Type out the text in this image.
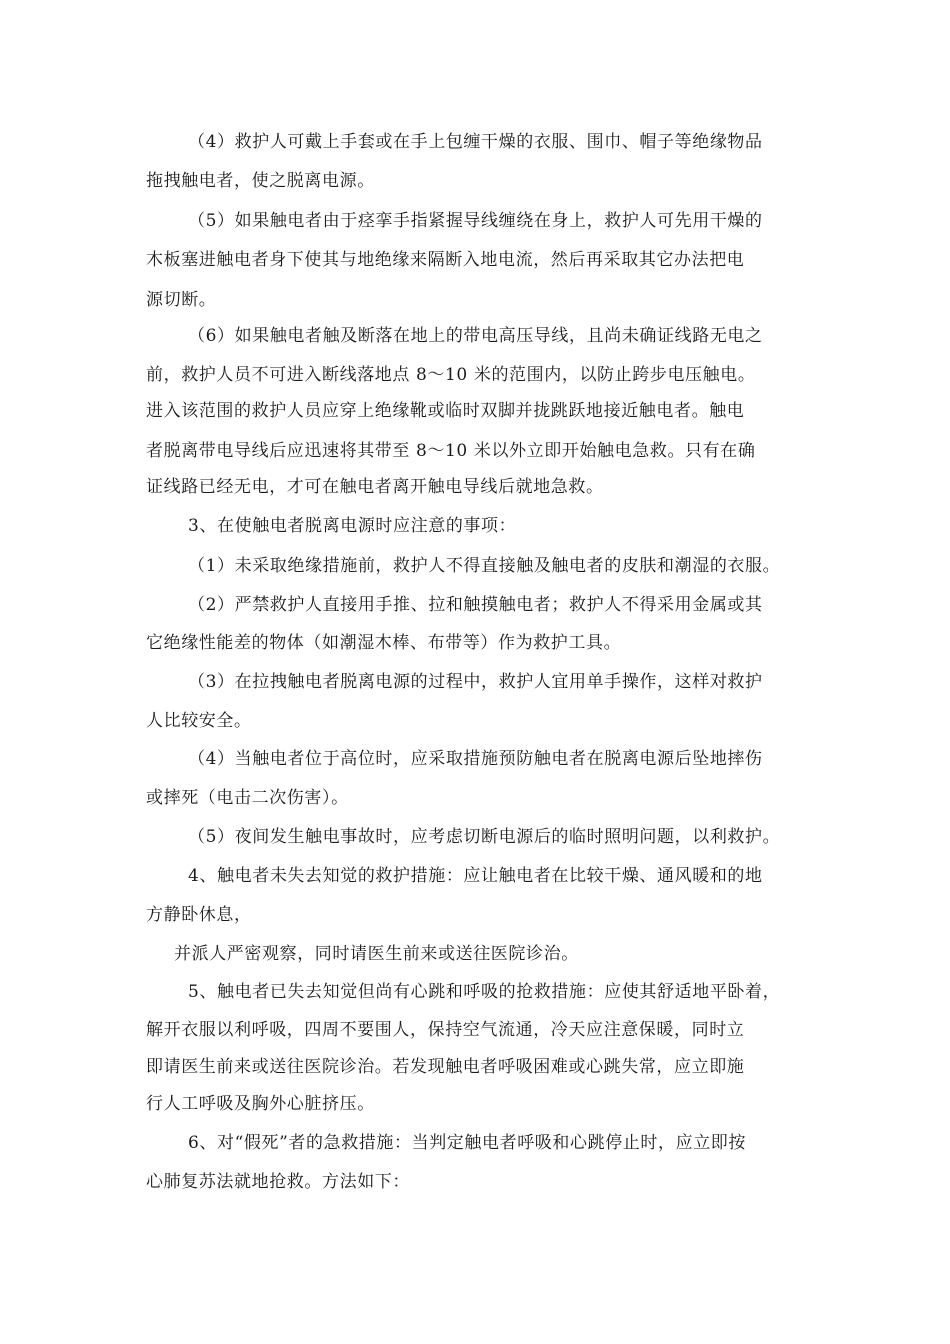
（4）救护人可戴上手套或在手上包缠干燥的衣服、围巾、帽子等绝缘物品
拖拽触电者，使之脱离电源。
（5）如果触电者由于痉挛手指紧握导线缠绕在身上，救护人可先用干燥的
木板塞进触电者身下使其与地绝缘来隔断入地电流，然后再采取其它办法把电
源切断。
（6）如果触电者触及断落在地上的带电高压导线，且尚未确证线路无电之
前，救护人员不可进入断线落地点 8～10 米的范围内，以防止跨步电压触电。
进入该范围的救护人员应穿上绝缘靴或临时双脚并拢跳跃地接近触电者。触电
者脱离带电导线后应迅速将其带至 8～10 米以外立即开始触电急救。只有在确
证线路已经无电，才可在触电者离开触电导线后就地急救。
3、在使触电者脱离电源时应注意的事项：
（1）未采取绝缘措施前，救护人不得直接触及触电者的皮肤和潮湿的衣服。
（2）严禁救护人直接用手推、拉和触摸触电者；救护人不得采用金属或其
它绝缘性能差的物体（如潮湿木棒、布带等）作为救护工具。
（3）在拉拽触电者脱离电源的过程中，救护人宜用单手操作，这样对救护
人比较安全。
（4）当触电者位于高位时，应采取措施预防触电者在脱离电源后坠地摔伤
或摔死（电击二次伤害）。
（5）夜间发生触电事故时，应考虑切断电源后的临时照明问题，以利救护。
4、触电者未失去知觉的救护措施：应让触电者在比较干燥、通风暖和的地
方静卧休息，
并派人严密观察，同时请医生前来或送往医院诊治。
5、触电者已失去知觉但尚有心跳和呼吸的抢救措施：应使其舒适地平卧着，
解开衣服以利呼吸，四周不要围人，保持空气流通，冷天应注意保暖，同时立
即请医生前来或送往医院诊治。若发现触电者呼吸困难或心跳失常，应立即施
行人工呼吸及胸外心脏挤压。
6、对“假死”者的急救措施：当判定触电者呼吸和心跳停止时，应立即按
心肺复苏法就地抢救。方法如下：
